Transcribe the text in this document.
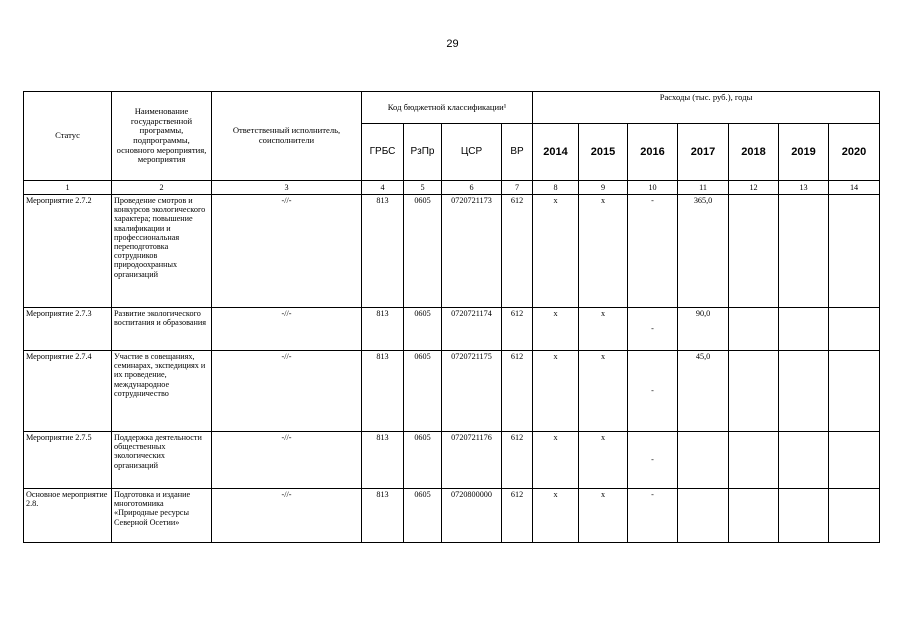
29
Статус	Наименование государственной программы, подпрограммы, основного мероприятия, мероприятия	Ответственный исполнитель, соисполнители	Код бюджетной классификации¹				Расходы (тыс. руб.), годы						
			ГРБС	РзПр	ЦСР	ВР	2014	2015	2016	2017	2018	2019	2020
1	2	3	4	5	6	7	8	9	10	11	12	13	14
Мероприятие 2.7.2	Проведение смотров и конкурсов экологического характера; повышение квалификации и профессиональная переподготовка сотрудников природоохранных организаций	-//-	813	0605	0720721173	612	х	х	-	365,0			
Мероприятие 2.7.3	Развитие экологического воспитания и образования	-//-	813	0605	0720721174	612	х	х	-	90,0			
Мероприятие 2.7.4	Участие в совещаниях, семинарах, экспедициях и их проведение, международное сотрудничество	-//-	813	0605	0720721175	612	х	х	-	45,0			
Мероприятие 2.7.5	Поддержка деятельности общественных экологических организаций	-//-	813	0605	0720721176	612	х	х	-				
Основное мероприятие 2.8.	Подготовка и издание многотомника «Природные ресурсы Северной Осетии»	-//-	813	0605	0720800000	612	х	х	-				
